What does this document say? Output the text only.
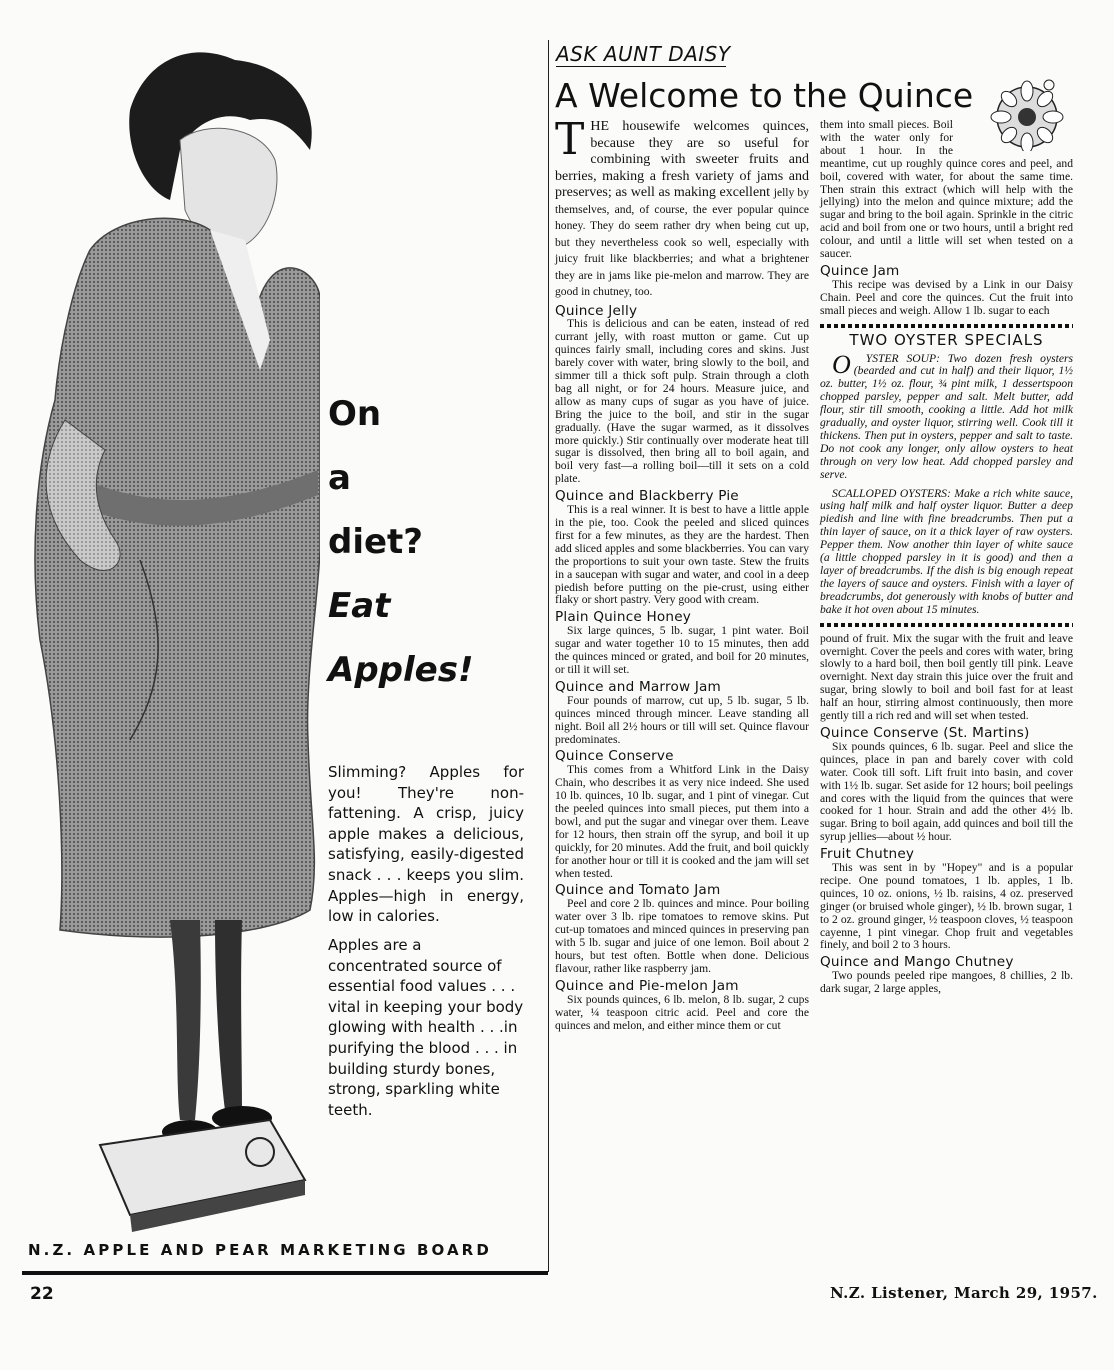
On
a
diet?
Eat
Apples!
Slimming? Apples for you! They're non-fattening. A crisp, juicy apple makes a delicious, satisfying, easily-digested snack . . . keeps you slim. Apples—high in energy, low in calories.
Apples are a concentrated source of essential food values . . . vital in keeping your body glowing with health . . .in purifying the blood . . . in building sturdy bones, strong, sparkling white teeth.
N.Z. APPLE AND PEAR MARKETING BOARD
22
ASK AUNT DAISY
A Welcome to the Quince

THE housewife welcomes quinces, because they are so useful for combining with sweeter fruits and berries, making a fresh variety of jams and preserves; as well as making excellent jelly by themselves, and, of course, the ever popular quince honey. They do seem rather dry when being cut up, but they nevertheless cook so well, especially with juicy fruit like blackberries; and what a brightener they are in jams like pie-melon and marrow. They are good in chutney, too.

Quince Jelly

This is delicious and can be eaten, instead of red currant jelly, with roast mutton or game. Cut up quinces fairly small, including cores and skins. Just barely cover with water, bring slowly to the boil, and simmer till a thick soft pulp. Strain through a cloth bag all night, or for 24 hours. Measure juice, and allow as many cups of sugar as you have of juice. Bring the juice to the boil, and stir in the sugar gradually. (Have the sugar warmed, as it dissolves more quickly.) Stir continually over moderate heat till sugar is dissolved, then bring all to boil again, and boil very fast—a rolling boil—till it sets on a cold plate.

Quince and Blackberry Pie

This is a real winner. It is best to have a little apple in the pie, too. Cook the peeled and sliced quinces first for a few minutes, as they are the hardest. Then add sliced apples and some blackberries. You can vary the proportions to suit your own taste. Stew the fruits in a saucepan with sugar and water, and cool in a deep piedish before putting on the pie-crust, using either flaky or short pastry. Very good with cream.

Plain Quince Honey

Six large quinces, 5 lb. sugar, 1 pint water. Boil sugar and water together 10 to 15 minutes, then add the quinces minced or grated, and boil for 20 minutes, or till it will set.

Quince and Marrow Jam

Four pounds of marrow, cut up, 5 lb. sugar, 5 lb. quinces minced through mincer. Leave standing all night. Boil all 2½ hours or till will set. Quince flavour predominates.

Quince Conserve

This comes from a Whitford Link in the Daisy Chain, who describes it as very nice indeed. She used 10 lb. quinces, 10 lb. sugar, and 1 pint of vinegar. Cut the peeled quinces into small pieces, put them into a bowl, and put the sugar and vinegar over them. Leave for 12 hours, then strain off the syrup, and boil it up quickly, for 20 minutes. Add the fruit, and boil quickly for another hour or till it is cooked and the jam will set when tested.

Quince and Tomato Jam

Peel and core 2 lb. quinces and mince. Pour boiling water over 3 lb. ripe tomatoes to remove skins. Put cut-up tomatoes and minced quinces in preserving pan with 5 lb. sugar and juice of one lemon. Boil about 2 hours, but test often. Bottle when done. Delicious flavour, rather like raspberry jam.

Quince and Pie-melon Jam

Six pounds quinces, 6 lb. melon, 8 lb. sugar, 2 cups water, ¼ teaspoon citric acid. Peel and core the quinces and melon, and either mince them or cut

them into small pieces. Boil with the water only for about 1 hour. In the meantime, cut up roughly quince cores and peel, and boil, covered with water, for about the same time. Then strain this extract (which will help with the jellying) into the melon and quince mixture; add the sugar and bring to the boil again. Sprinkle in the citric acid and boil from one or two hours, until a bright red colour, and until a little will set when tested on a saucer.

Quince Jam

This recipe was devised by a Link in our Daisy Chain. Peel and core the quinces. Cut the fruit into small pieces and weigh. Allow 1 lb. sugar to each

TWO OYSTER SPECIALS

O YSTER SOUP: Two dozen fresh oysters (bearded and cut in half) and their liquor, 1½ oz. butter, 1½ oz. flour, ¾ pint milk, 1 dessertspoon chopped parsley, pepper and salt. Melt butter, add flour, stir till smooth, cooking a little. Add hot milk gradually, and oyster liquor, stirring well. Cook till it thickens. Then put in oysters, pepper and salt to taste. Do not cook any longer, only allow oysters to heat through on very low heat. Add chopped parsley and serve.

SCALLOPED OYSTERS: Make a rich white sauce, using half milk and half oyster liquor. Butter a deep piedish and line with fine breadcrumbs. Then put a thin layer of sauce, on it a thick layer of raw oysters. Pepper them. Now another thin layer of white sauce (a little chopped parsley in it is good) and then a layer of breadcrumbs. If the dish is big enough repeat the layers of sauce and oysters. Finish with a layer of breadcrumbs, dot generously with knobs of butter and bake it hot oven about 15 minutes.

pound of fruit. Mix the sugar with the fruit and leave overnight. Cover the peels and cores with water, bring slowly to a hard boil, then boil gently till pink. Leave overnight. Next day strain this juice over the fruit and sugar, bring slowly to boil and boil fast for at least half an hour, stirring almost continuously, then more gently till a rich red and will set when tested.

Quince Conserve (St. Martins)

Six pounds quinces, 6 lb. sugar. Peel and slice the quinces, place in pan and barely cover with cold water. Cook till soft. Lift fruit into basin, and cover with 1½ lb. sugar. Set aside for 12 hours; boil peelings and cores with the liquid from the quinces that were cooked for 1 hour. Strain and add the other 4½ lb. sugar. Bring to boil again, add quinces and boil till the syrup jellies—about ½ hour.

Fruit Chutney

This was sent in by "Hopey" and is a popular recipe. One pound tomatoes, 1 lb. apples, 1 lb. quinces, 10 oz. onions, ½ lb. raisins, 4 oz. preserved ginger (or bruised whole ginger), ½ lb. brown sugar, 1 to 2 oz. ground ginger, ½ teaspoon cloves, ½ teaspoon cayenne, 1 pint vinegar. Chop fruit and vegetables finely, and boil 2 to 3 hours.

Quince and Mango Chutney

Two pounds peeled ripe mangoes, 8 chillies, 2 lb. dark sugar, 2 large apples,

N.Z. Listener, March 29, 1957.
